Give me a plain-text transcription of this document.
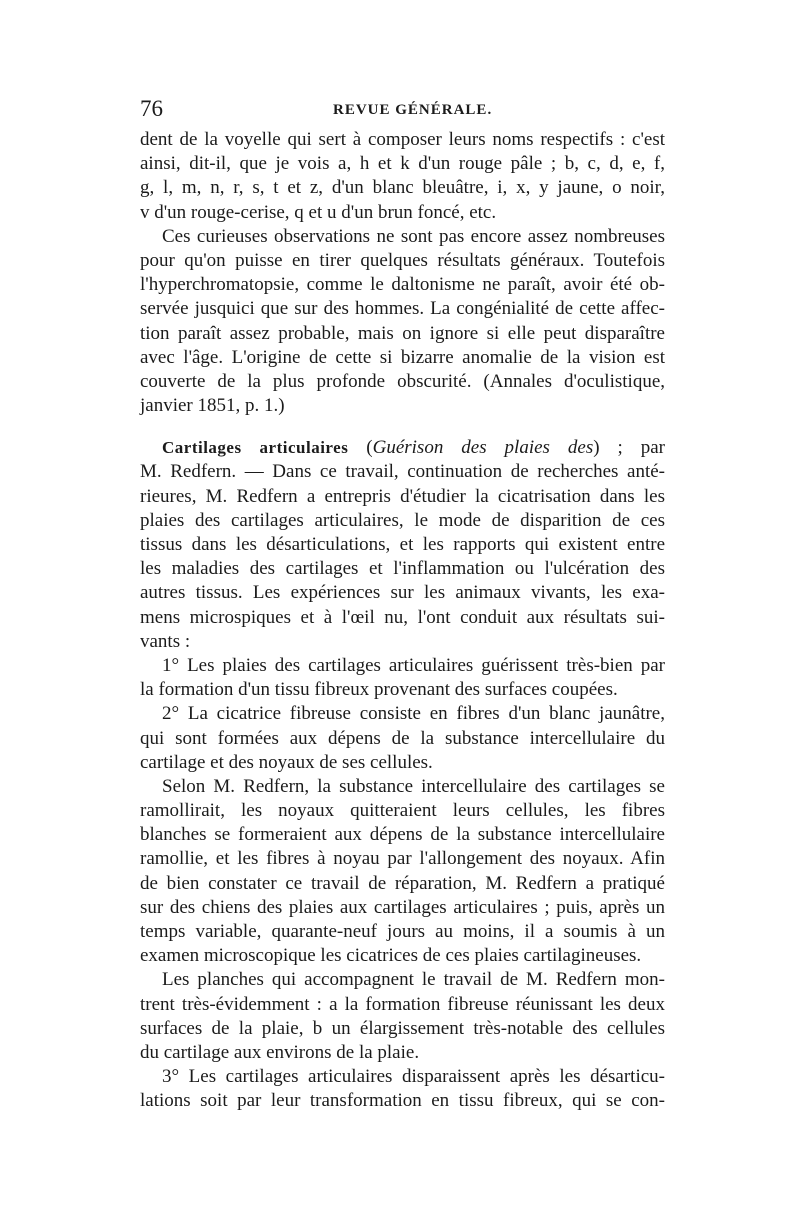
76	REVUE GÉNÉRALE.
dent de la voyelle qui sert à composer leurs noms respectifs : c'est
ainsi, dit-il, que je vois a, h et k d'un rouge pâle ; b, c, d, e, f,
g, l, m, n, r, s, t et z, d'un blanc bleuâtre, i, x, y jaune, o noir,
v d'un rouge-cerise, q et u d'un brun foncé, etc.
Ces curieuses observations ne sont pas encore assez nombreuses
pour qu'on puisse en tirer quelques résultats généraux. Toutefois
l'hyperchromatopsie, comme le daltonisme ne paraît, avoir été ob-
servée jusquici que sur des hommes. La congénialité de cette affec-
tion paraît assez probable, mais on ignore si elle peut disparaître
avec l'âge. L'origine de cette si bizarre anomalie de la vision est
couverte de la plus profonde obscurité. (Annales d'oculistique,
janvier 1851, p. 1.)
Cartilages articulaires (Guérison des plaies des) ; par
M. Redfern. — Dans ce travail, continuation de recherches anté-
rieures, M. Redfern a entrepris d'étudier la cicatrisation dans les
plaies des cartilages articulaires, le mode de disparition de ces
tissus dans les désarticulations, et les rapports qui existent entre
les maladies des cartilages et l'inflammation ou l'ulcération des
autres tissus. Les expériences sur les animaux vivants, les exa-
mens microspiques et à l'œil nu, l'ont conduit aux résultats sui-
vants :
1° Les plaies des cartilages articulaires guérissent très-bien par
la formation d'un tissu fibreux provenant des surfaces coupées.
2° La cicatrice fibreuse consiste en fibres d'un blanc jaunâtre,
qui sont formées aux dépens de la substance intercellulaire du
cartilage et des noyaux de ses cellules.
Selon M. Redfern, la substance intercellulaire des cartilages se
ramollirait, les noyaux quitteraient leurs cellules, les fibres
blanches se formeraient aux dépens de la substance intercellulaire
ramollie, et les fibres à noyau par l'allongement des noyaux. Afin
de bien constater ce travail de réparation, M. Redfern a pratiqué
sur des chiens des plaies aux cartilages articulaires ; puis, après un
temps variable, quarante-neuf jours au moins, il a soumis à un
examen microscopique les cicatrices de ces plaies cartilagineuses.
Les planches qui accompagnent le travail de M. Redfern mon-
trent très-évidemment : a la formation fibreuse réunissant les deux
surfaces de la plaie, b un élargissement très-notable des cellules
du cartilage aux environs de la plaie.
3° Les cartilages articulaires disparaissent après les désarticu-
lations soit par leur transformation en tissu fibreux, qui se con-
